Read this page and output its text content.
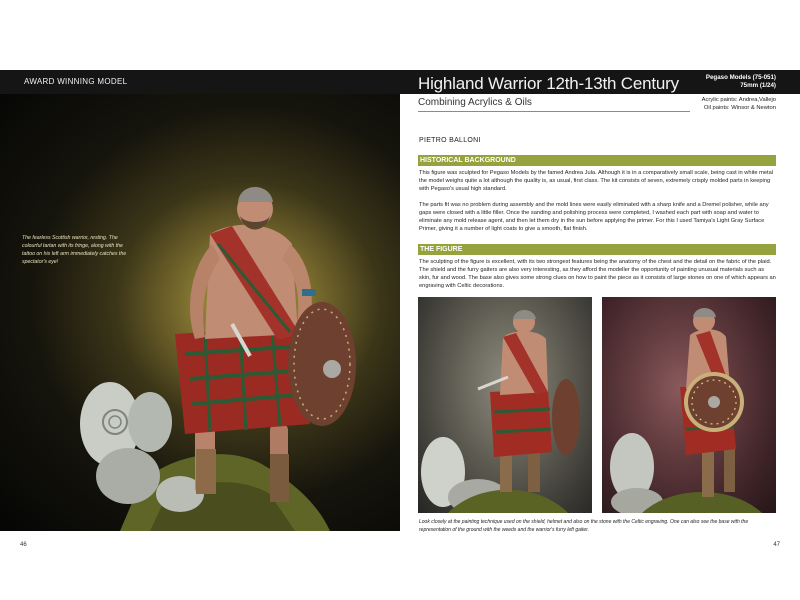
AWARD WINNING MODEL
The fearless Scottish warrior, resting. The colourful tartan with its fringe, along with the tattoo on his left arm immediately catches the spectator's eye!
46
Highland Warrior 12th-13th Century	Pegaso Models (75-051)
75mm (1/24)
Combining Acrylics & Oils	Acrylic paints: Andrea,Vallejo
Oil paints: Winsor & Newton
PIETRO BALLONI
HISTORICAL BACKGROUND

This figure was sculpted for Pegaso Models by the famed Andrea Jula. Although it is in a comparatively small scale, being cast in white metal the model weighs quite a lot although the quality is, as usual, first class. The kit consists of seven, extremely crisply molded parts in keeping with Pegaso's usual high standard.

The parts fit was no problem during assembly and the mold lines were easily eliminated with a sharp knife and a Dremel polisher, while any gaps were closed with a little filler. Once the sanding and polishing process were completed, I washed each part with soap and water to eliminate any mold release agent, and then let them dry in the sun before applying the primer. For this I used Tamiya's Light Gray Surface Primer, giving it a number of light coats to give a smooth, flat finish.

THE FIGURE

The sculpting of the figure is excellent, with its two strongest features being the anatomy of the chest and the detail on the fabric of the plaid. The shield and the furry gaiters are also very interesting, as they afford the modeller the opportunity of painting unusual materials such as skin, fur and wood. The base also gives some strong clues on how to paint the piece as it consists of large stones on one of which appears an engraving with Celtic decorations.

Look closely at the painting technique used on the shield, helmet and also on the stone with the Celtic engraving. One can also see the base with the representation of the ground with the weeds and the warrior's furry left gaiter.
47
